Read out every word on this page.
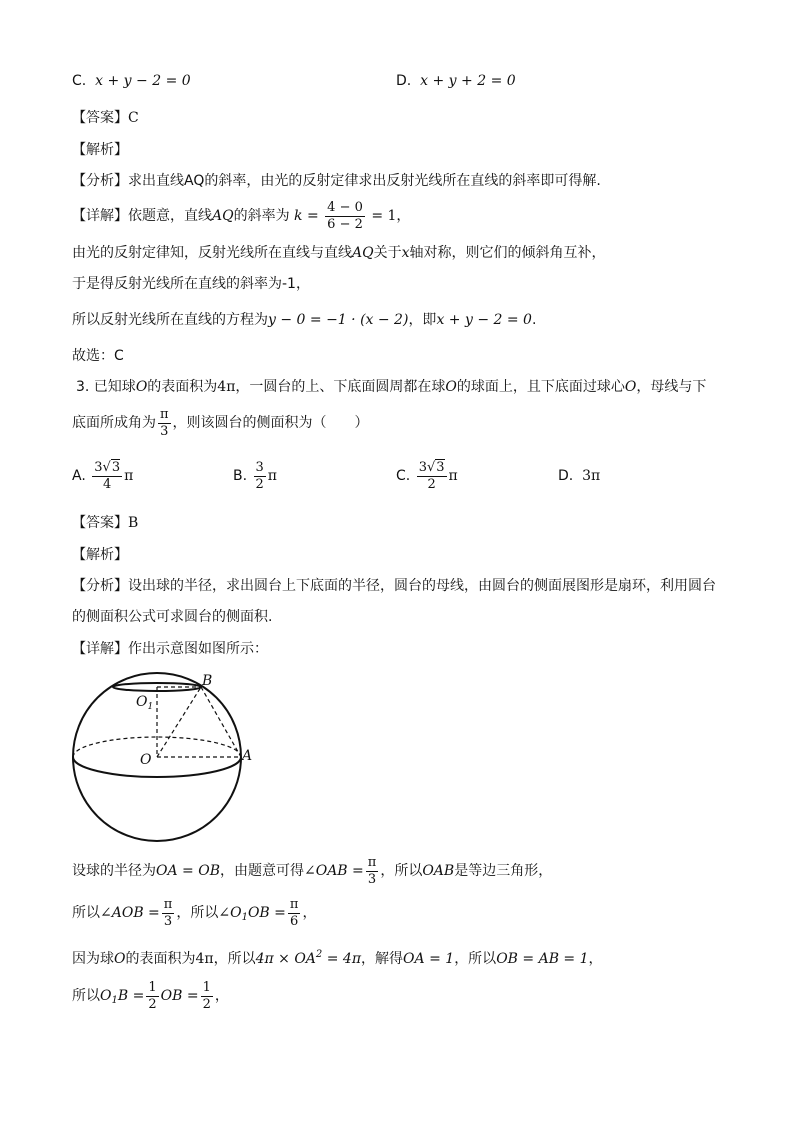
C. x + y − 2 = 0	D. x + y + 2 = 0
【答案】C
【解析】
【分析】求出直线AQ的斜率，由光的反射定律求出反射光线所在直线的斜率即可得解.
【详解】依题意，直线AQ的斜率为 $k = \frac{4 - 0}{6 - 2} = 1$，
由光的反射定律知，反射光线所在直线与直线AQ关于x轴对称，则它们的倾斜角互补，
于是得反射光线所在直线的斜率为-1，
所以反射光线所在直线的方程为y − 0 = −1 · (x − 2)，即x + y − 2 = 0.
故选：C
3. 已知球O的表面积为4π，一圆台的上、下底面圆周都在球O的球面上，且下底面过球心O，母线与下
底面所成角为 $\frac{\pi}{3}$ ，则该圆台的侧面积为（　　）
A. $\frac{3√3}{4}$ π	B. $\frac{3}{2}$ π	C. $\frac{3√3}{2}$ π	D. 3π
【答案】B
【解析】
【分析】设出球的半径，求出圆台上下底面的半径，圆台的母线，由圆台的侧面展图形是扇环，利用圆台
的侧面积公式可求圆台的侧面积.
【详解】作出示意图如图所示：
B
$O_1$
O	A
设球的半径为OA = OB，由题意可得∠OAB = $\frac{\pi}{3}$ ，所以OAB是等边三角形，
所以∠AOB = $\frac{\pi}{3}$ ，所以$\angle O_1OB = \frac{\pi}{6}$ ，
因为球O的表面积为4π，所以$4\pi \times OA^2 = 4\pi$，解得OA = 1，所以OB = AB = 1，
所以$O_1B = \frac{1}{2}$ OB = $\frac{1}{2}$ ，
